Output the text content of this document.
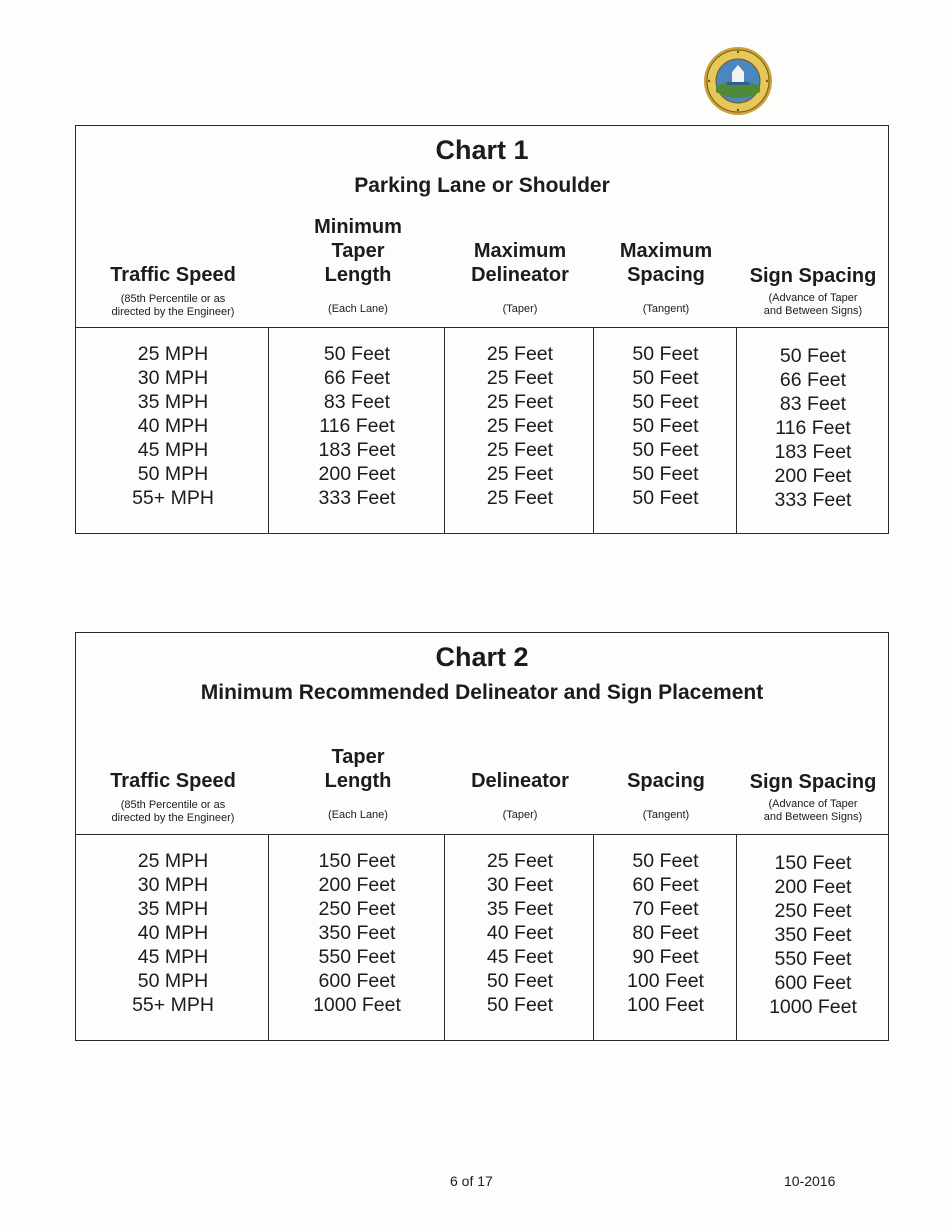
Chart 1
Parking Lane or Shoulder
Traffic Speed
(85th Percentile or as
directed by the Engineer)
Minimum
Taper
Length
(Each Lane)
Maximum
Delineator
(Taper)
Maximum
Spacing
(Tangent)
Sign Spacing
(Advance of Taper
and Between Signs)
25 MPH
30 MPH
35 MPH
40 MPH
45 MPH
50 MPH
55+ MPH
50 Feet
66 Feet
83 Feet
116 Feet
183 Feet
200 Feet
333 Feet
25 Feet
25 Feet
25 Feet
25 Feet
25 Feet
25 Feet
25 Feet
50 Feet
50 Feet
50 Feet
50 Feet
50 Feet
50 Feet
50 Feet
50 Feet
66 Feet
83 Feet
116 Feet
183 Feet
200 Feet
333 Feet
Chart 2
Minimum Recommended Delineator and Sign Placement
Traffic Speed
(85th Percentile or as
directed by the Engineer)
Taper
Length
(Each Lane)
Delineator
(Taper)
Spacing
(Tangent)
Sign Spacing
(Advance of Taper
and Between Signs)
25 MPH
30 MPH
35 MPH
40 MPH
45 MPH
50 MPH
55+ MPH
150 Feet
200 Feet
250 Feet
350 Feet
550 Feet
600 Feet
1000 Feet
25 Feet
30 Feet
35 Feet
40 Feet
45 Feet
50 Feet
50 Feet
50 Feet
60 Feet
70 Feet
80 Feet
90 Feet
100 Feet
100 Feet
150 Feet
200 Feet
250 Feet
350 Feet
550 Feet
600 Feet
1000 Feet
6 of 17	10-2016
